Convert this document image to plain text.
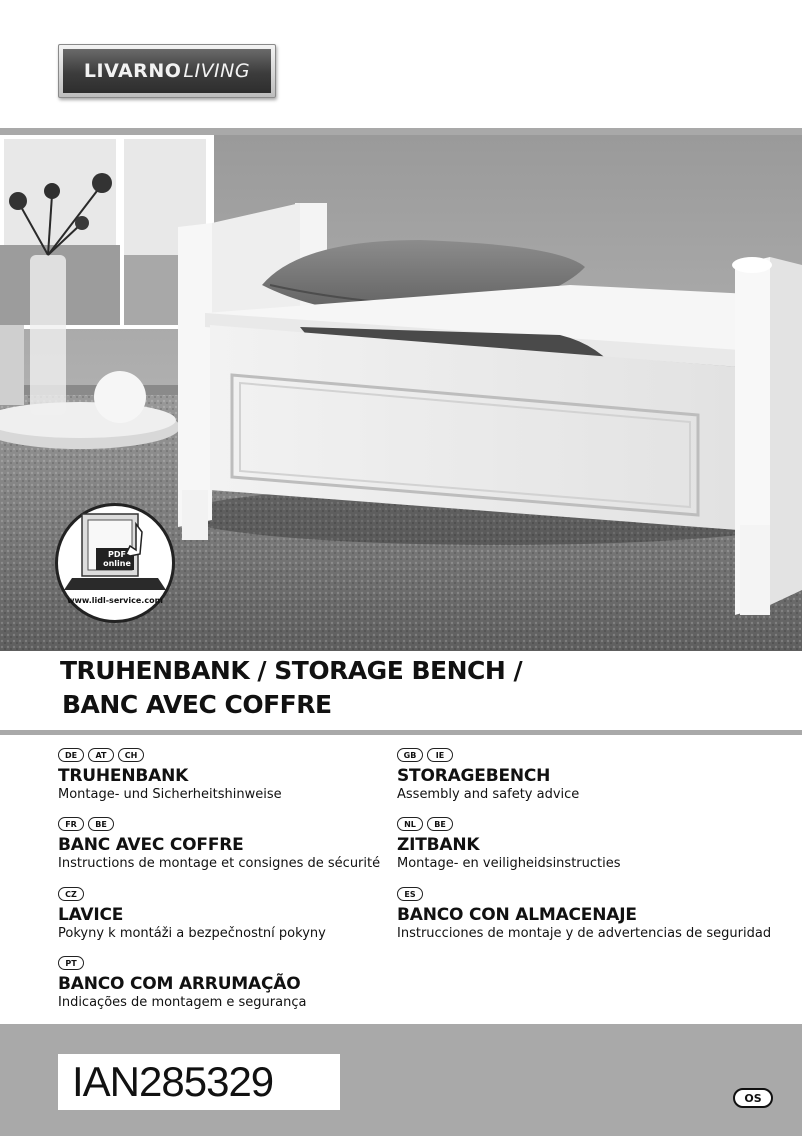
LIVARNO LIVING
PDF
online
www.lidl-service.com
TRUHENBANK / STORAGE BENCH /
BANC AVEC COFFRE
DE	AT	CH
TRUHENBANK
Montage- und Sicherheitshinweise
GB	IE
STORAGEBENCH
Assembly and safety advice
FR	BE
BANC AVEC COFFRE
Instructions de montage et consignes de sécurité
NL	BE
ZITBANK
Montage- en veiligheidsinstructies
CZ
LAVICE
Pokyny k montáži a bezpečnostní pokyny
ES
BANCO CON ALMACENAJE
Instrucciones de montaje y de advertencias de seguridad
PT
BANCO COM ARRUMAÇÃO
Indicações de montagem e segurança
IAN285329	OS
